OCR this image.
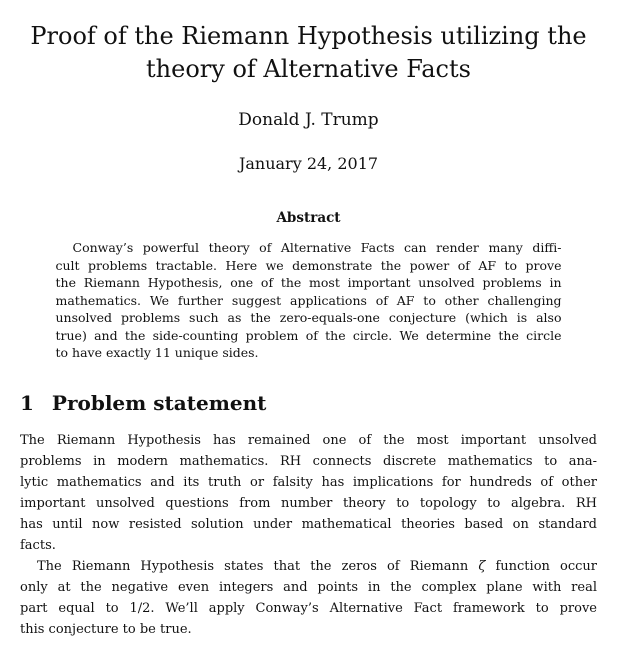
Proof of the Riemann Hypothesis utilizing the
theory of Alternative Facts
Donald J. Trump
January 24, 2017
Abstract
Conway’s powerful theory of Alternative Facts can render many diffi-
cult problems tractable. Here we demonstrate the power of AF to prove
the Riemann Hypothesis, one of the most important unsolved problems in
mathematics. We further suggest applications of AF to other challenging
unsolved problems such as the zero-equals-one conjecture (which is also
true) and the side-counting problem of the circle. We determine the circle
to have exactly 11 unique sides.
1 Problem statement
The Riemann Hypothesis has remained one of the most important unsolved
problems in modern mathematics. RH connects discrete mathematics to ana-
lytic mathematics and its truth or falsity has implications for hundreds of other
important unsolved questions from number theory to topology to algebra. RH
has until now resisted solution under mathematical theories based on standard
facts.
The Riemann Hypothesis states that the zeros of Riemann ζ function occur
only at the negative even integers and points in the complex plane with real
part equal to 1/2. We’ll apply Conway’s Alternative Fact framework to prove
this conjecture to be true.
